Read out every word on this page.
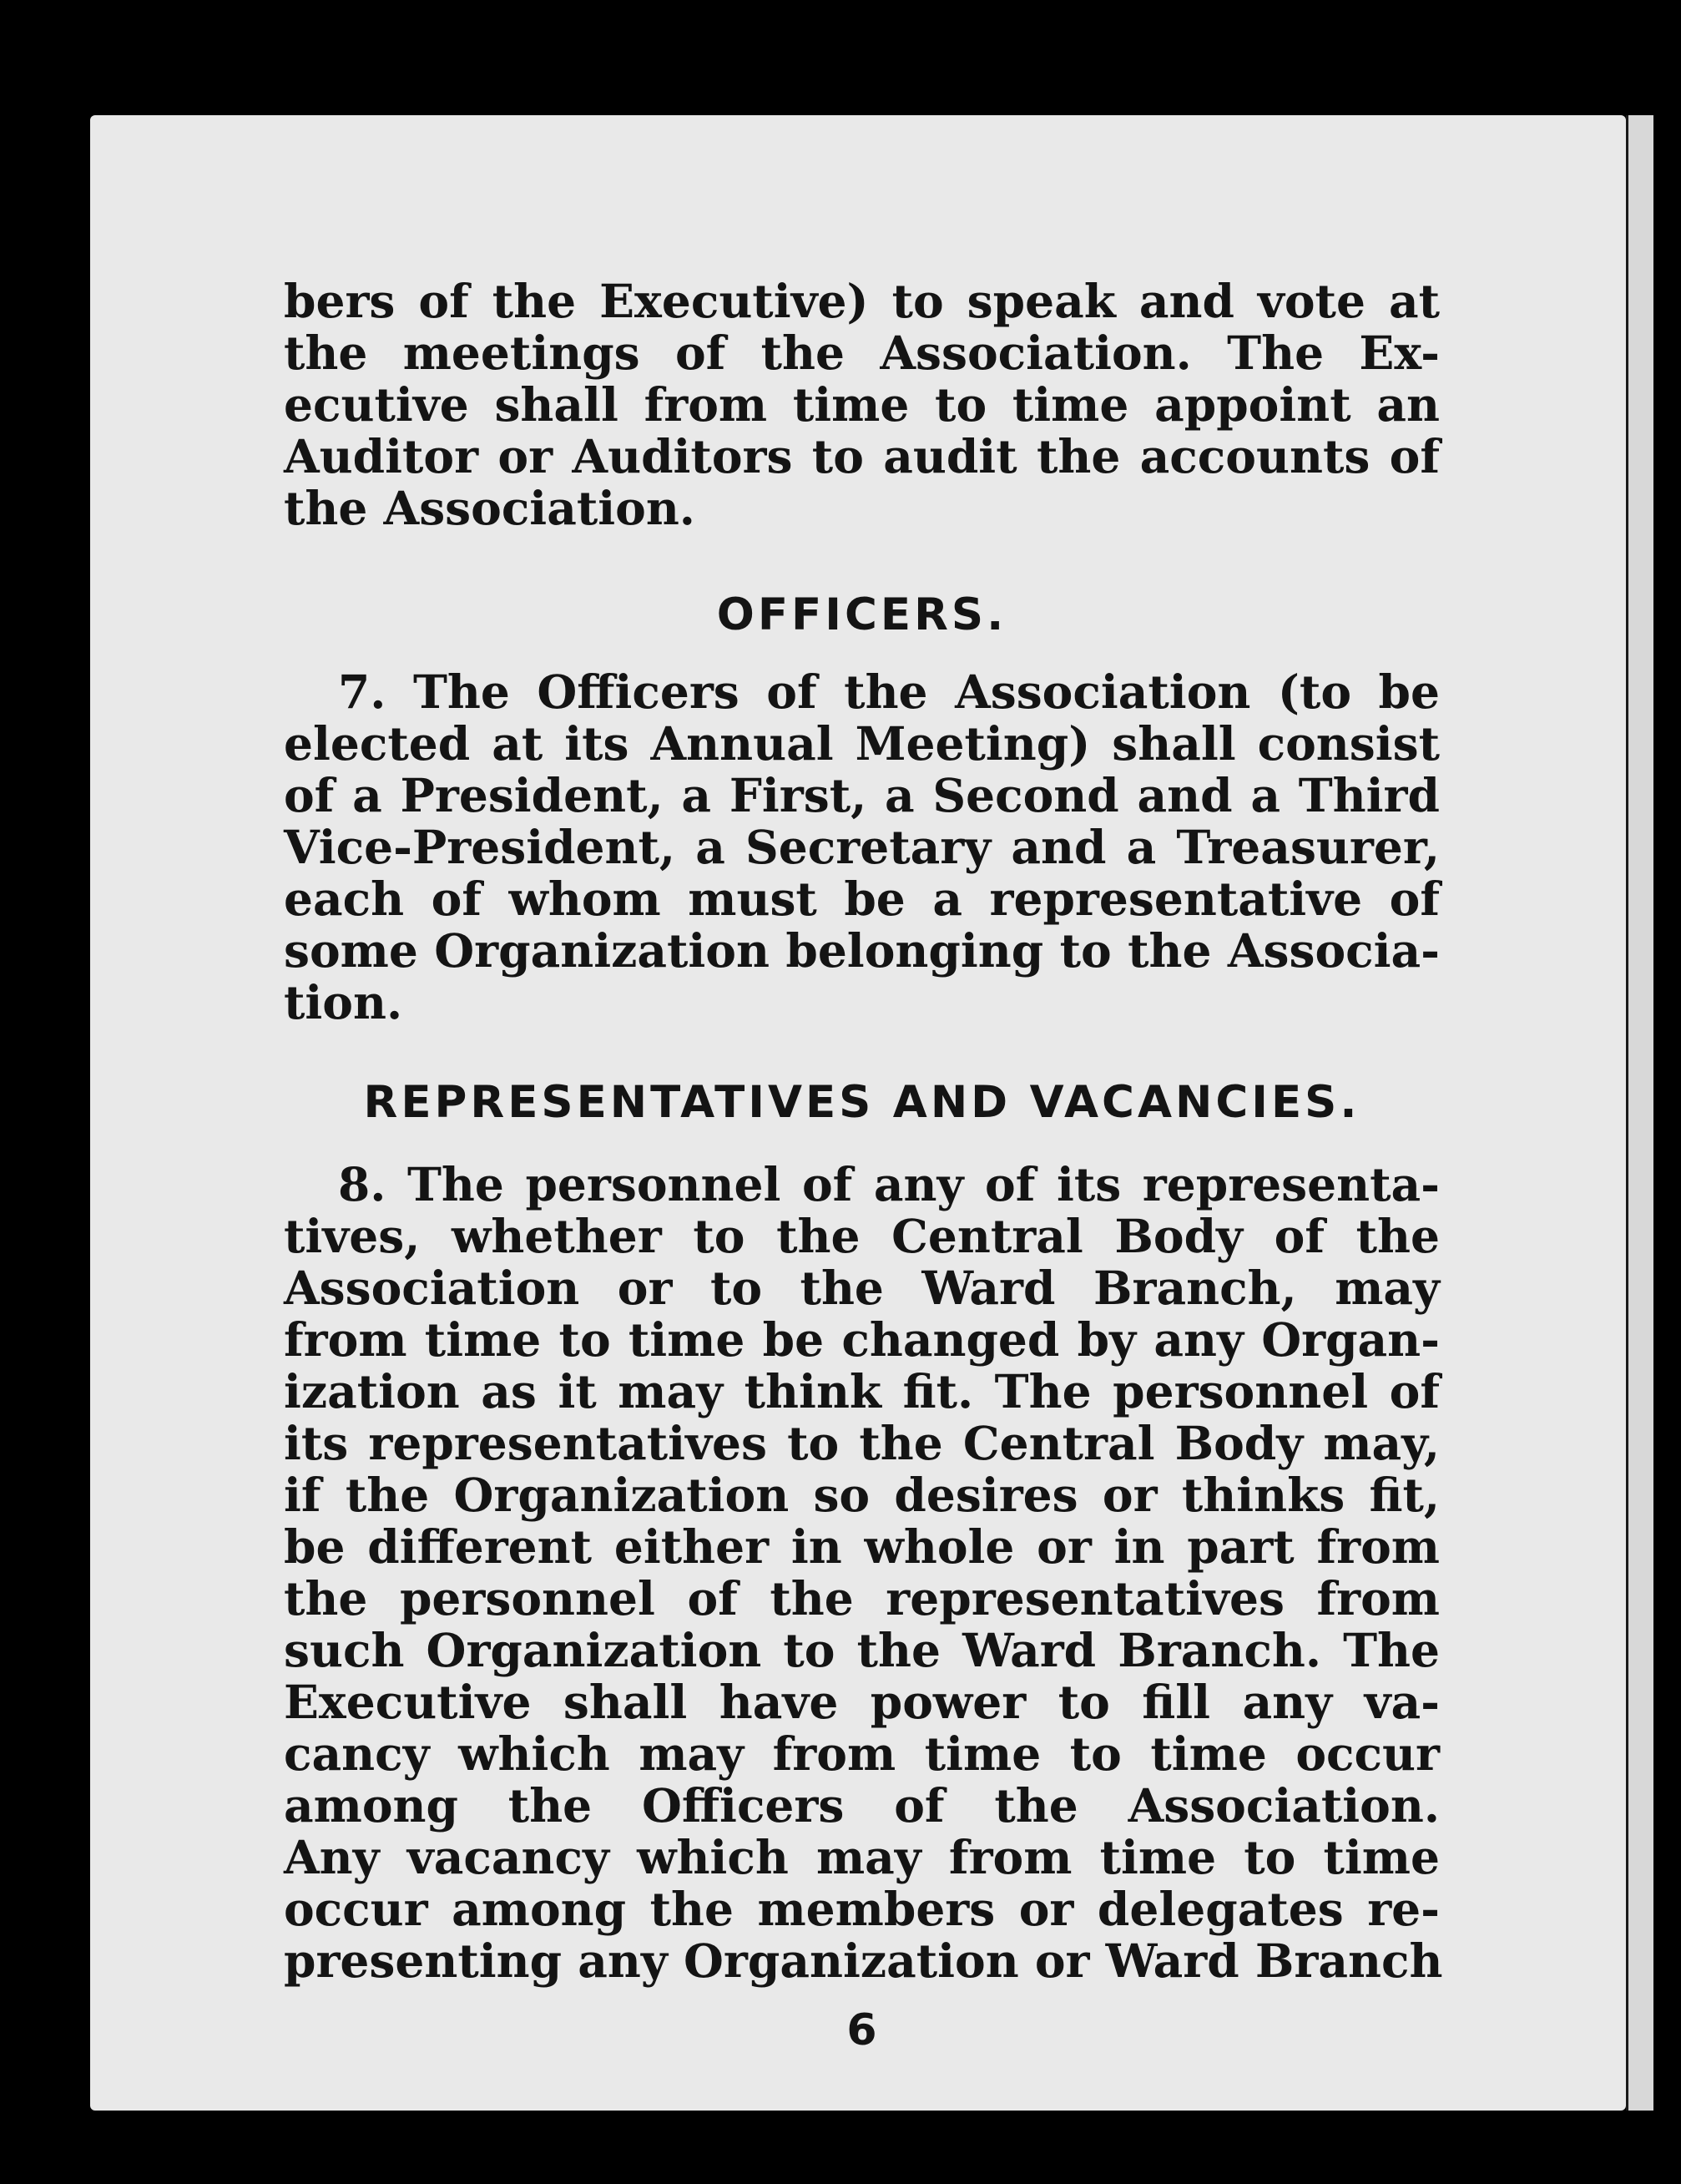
bers of the Executive) to speak and vote at
the meetings of the Association. The Ex-
ecutive shall from time to time appoint an
Auditor or Auditors to audit the accounts of
the Association.
OFFICERS.
7. The Officers of the Association (to be
elected at its Annual Meeting) shall consist
of a President, a First, a Second and a Third
Vice-President, a Secretary and a Treasurer,
each of whom must be a representative of
some Organization belonging to the Associa-
tion.
REPRESENTATIVES AND VACANCIES.
8. The personnel of any of its representa-
tives, whether to the Central Body of the
Association or to the Ward Branch, may
from time to time be changed by any Organ-
ization as it may think fit. The personnel of
its representatives to the Central Body may,
if the Organization so desires or thinks fit,
be different either in whole or in part from
the personnel of the representatives from
such Organization to the Ward Branch. The
Executive shall have power to fill any va-
cancy which may from time to time occur
among the Officers of the Association.
Any vacancy which may from time to time
occur among the members or delegates re-
presenting any Organization or Ward Branch
6
